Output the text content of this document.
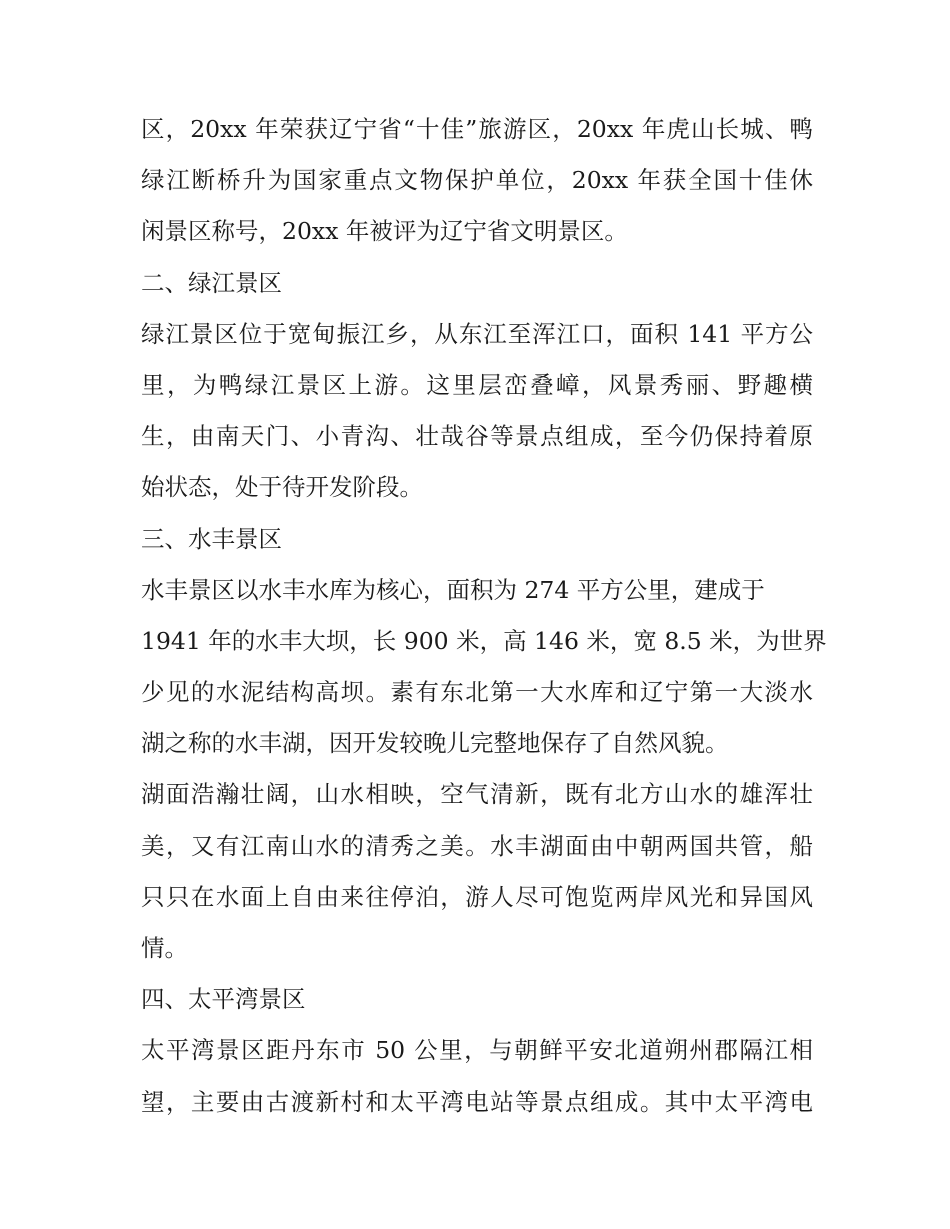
区，20xx 年荣获辽宁省“十佳”旅游区，20xx 年虎山长城、鸭
绿江断桥升为国家重点文物保护单位，20xx 年获全国十佳休
闲景区称号，20xx 年被评为辽宁省文明景区。
二、绿江景区
绿江景区位于宽甸振江乡，从东江至浑江口，面积 141 平方公
里，为鸭绿江景区上游。这里层峦叠嶂，风景秀丽、野趣横
生，由南天门、小青沟、壮哉谷等景点组成，至今仍保持着原
始状态，处于待开发阶段。
三、水丰景区
水丰景区以水丰水库为核心，面积为 274 平方公里，建成于
1941 年的水丰大坝，长 900 米，高 146 米，宽 8.5 米，为世界
少见的水泥结构高坝。素有东北第一大水库和辽宁第一大淡水
湖之称的水丰湖，因开发较晚儿完整地保存了自然风貌。
湖面浩瀚壮阔，山水相映，空气清新，既有北方山水的雄浑壮
美，又有江南山水的清秀之美。水丰湖面由中朝两国共管，船
只只在水面上自由来往停泊，游人尽可饱览两岸风光和异国风
情。
四、太平湾景区
太平湾景区距丹东市 50 公里，与朝鲜平安北道朔州郡隔江相
望，主要由古渡新村和太平湾电站等景点组成。其中太平湾电
